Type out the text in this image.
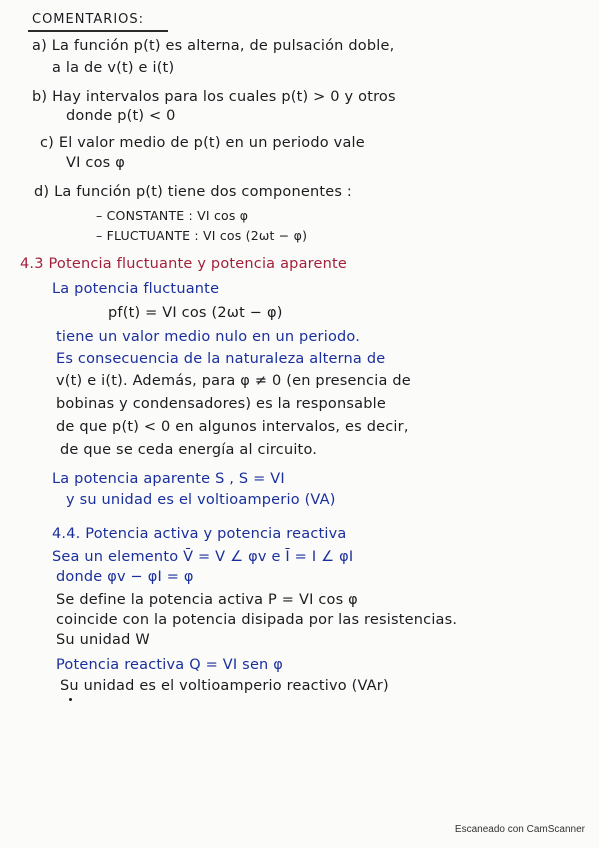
COMENTARIOS:
a) La función p(t) es alterna, de pulsación doble,
a la de v(t) e i(t)
b) Hay intervalos para los cuales p(t) > 0 y otros
donde p(t) < 0
c) El valor medio de p(t) en un periodo vale
VI cos φ
d) La función p(t) tiene dos componentes :
– CONSTANTE : VI cos φ
– FLUCTUANTE : VI cos (2ωt − φ)
4.3 Potencia fluctuante y potencia aparente
La potencia fluctuante
pf(t) = VI cos (2ωt − φ)
tiene un valor medio nulo en un periodo.
Es consecuencia de la naturaleza alterna de
v(t) e i(t). Además, para φ ≠ 0 (en presencia de
bobinas y condensadores) es la responsable
de que p(t) < 0 en algunos intervalos, es decir,
de que se ceda energía al circuito.
La potencia aparente S , S = VI
y su unidad es el voltioamperio (VA)
4.4. Potencia activa y potencia reactiva
Sea un elemento V̄ = V ∠ φv e Ī = I ∠ φI
donde φv − φI = φ
Se define la potencia activa P = VI cos φ
coincide con la potencia disipada por las resistencias.
Su unidad W
Potencia reactiva Q = VI sen φ
Su unidad es el voltioamperio reactivo (VAr)
Escaneado con CamScanner
